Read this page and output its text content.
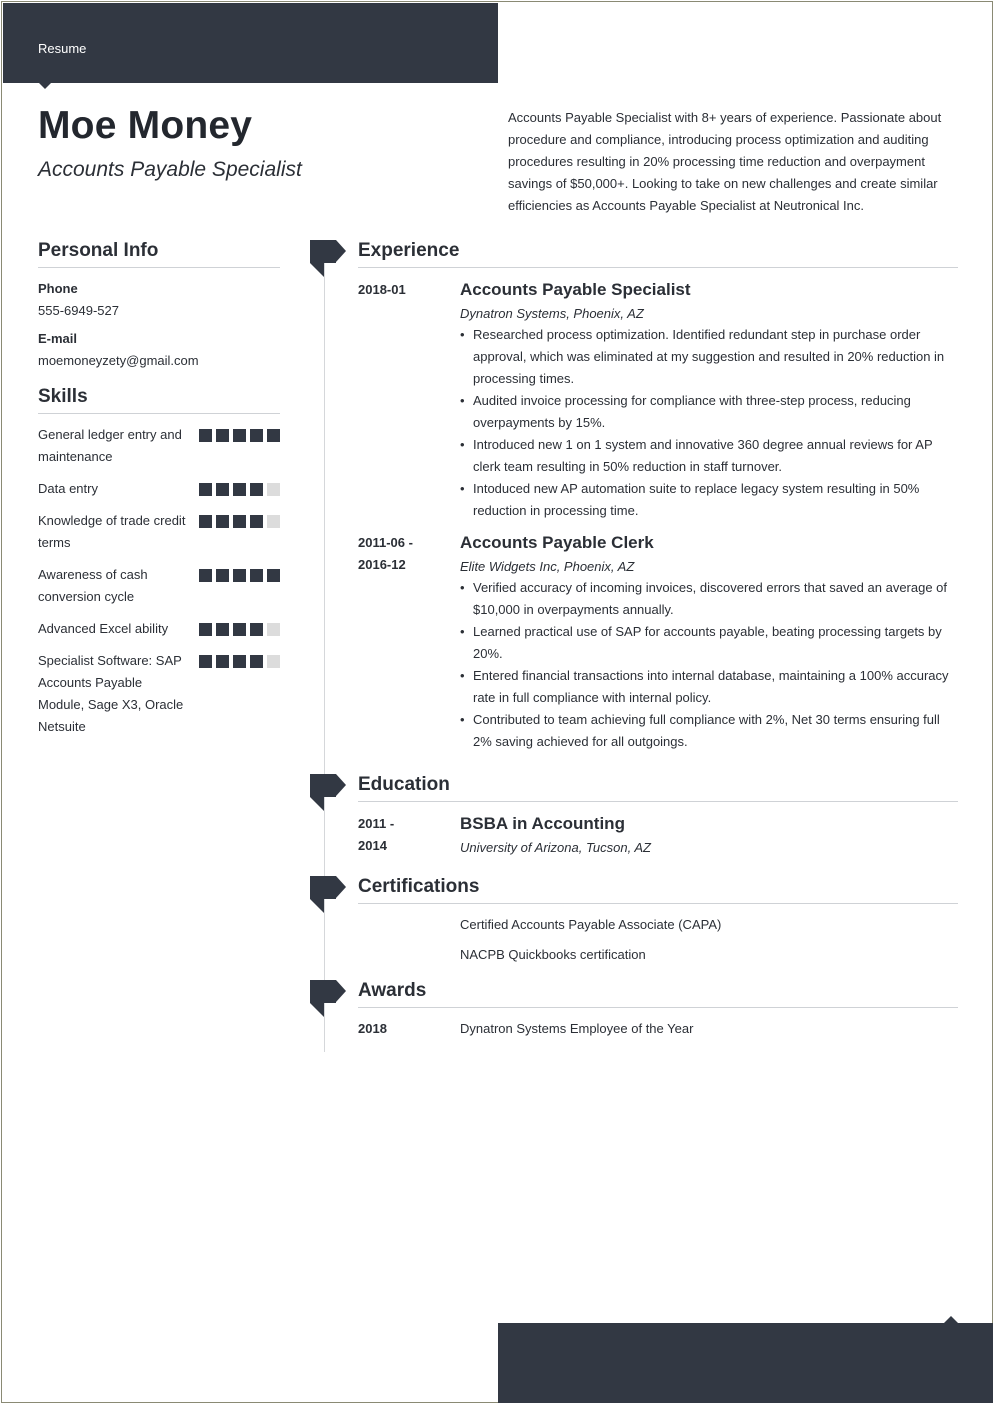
Resume
Moe Money
Accounts Payable Specialist
Accounts Payable Specialist with 8+ years of experience. Passionate about procedure and compliance, introducing process optimization and auditing procedures resulting in 20% processing time reduction and overpayment savings of $50,000+. Looking to take on new challenges and create similar efficiencies as Accounts Payable Specialist at Neutronical Inc.
Personal Info
Phone
555-6949-527
E-mail
moemoneyzety@gmail.com
Skills
General ledger entry and maintenance
Data entry
Knowledge of trade credit terms
Awareness of cash conversion cycle
Advanced Excel ability
Specialist Software: SAP Accounts Payable Module, Sage X3, Oracle Netsuite
Experience
2018-01	Accounts Payable Specialist
Dynatron Systems, Phoenix, AZ
• Researched process optimization. Identified redundant step in purchase order approval, which was eliminated at my suggestion and resulted in 20% reduction in processing times.
• Audited invoice processing for compliance with three-step process, reducing overpayments by 15%.
• Introduced new 1 on 1 system and innovative 360 degree annual reviews for AP clerk team resulting in 50% reduction in staff turnover.
• Intoduced new AP automation suite to replace legacy system resulting in 50% reduction in processing time.
2011-06 - 2016-12
Accounts Payable Clerk
Elite Widgets Inc, Phoenix, AZ
• Verified accuracy of incoming invoices, discovered errors that saved an average of $10,000 in overpayments annually.
• Learned practical use of SAP for accounts payable, beating processing targets by 20%.
• Entered financial transactions into internal database, maintaining a 100% accuracy rate in full compliance with internal policy.
• Contributed to team achieving full compliance with 2%, Net 30 terms ensuring full 2% saving achieved for all outgoings.
Education
2011 - 2014
BSBA in Accounting
University of Arizona, Tucson, AZ
Certifications
Certified Accounts Payable Associate (CAPA)
NACPB Quickbooks certification
Awards
2018	Dynatron Systems Employee of the Year
